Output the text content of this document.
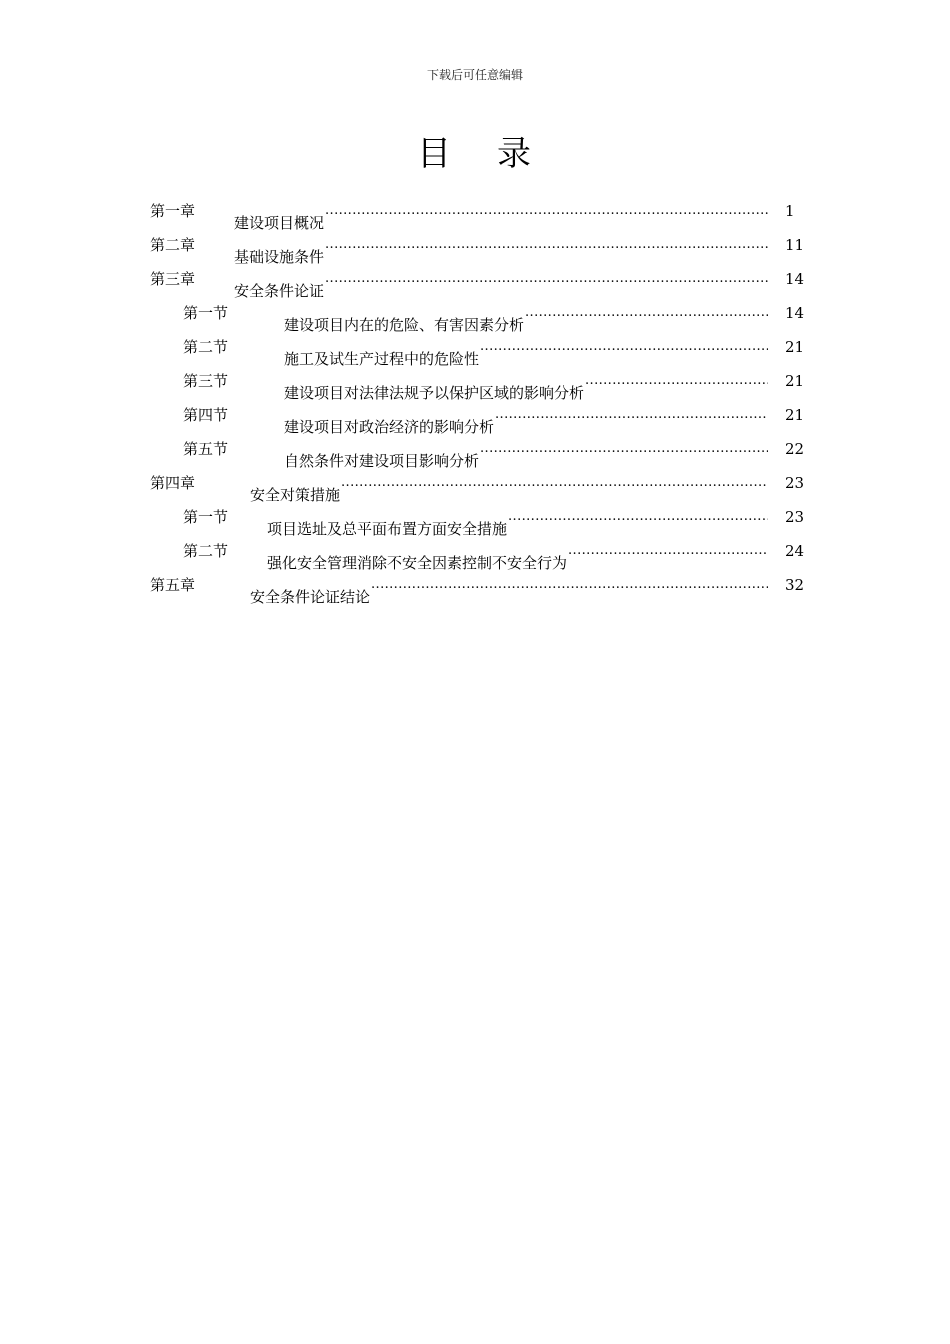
下载后可任意编辑
目 录
第一章
建设项目概况
.....
1
第二章
基础设施条件
.....
11
第三章
安全条件论证
.....
14
第一节
建设项目内在的危险、有害因素分析
.....
14
第二节
施工及试生产过程中的危险性
.....
21
第三节
建设项目对法律法规予以保护区域的影响分析
.....
21
第四节
建设项目对政治经济的影响分析
.....
21
第五节
自然条件对建设项目影响分析
.....
22
第四章
安全对策措施
.....
23
第一节
项目选址及总平面布置方面安全措施
.....
23
第二节
强化安全管理消除不安全因素控制不安全行为
.....
24
第五章
安全条件论证结论
.....
32
